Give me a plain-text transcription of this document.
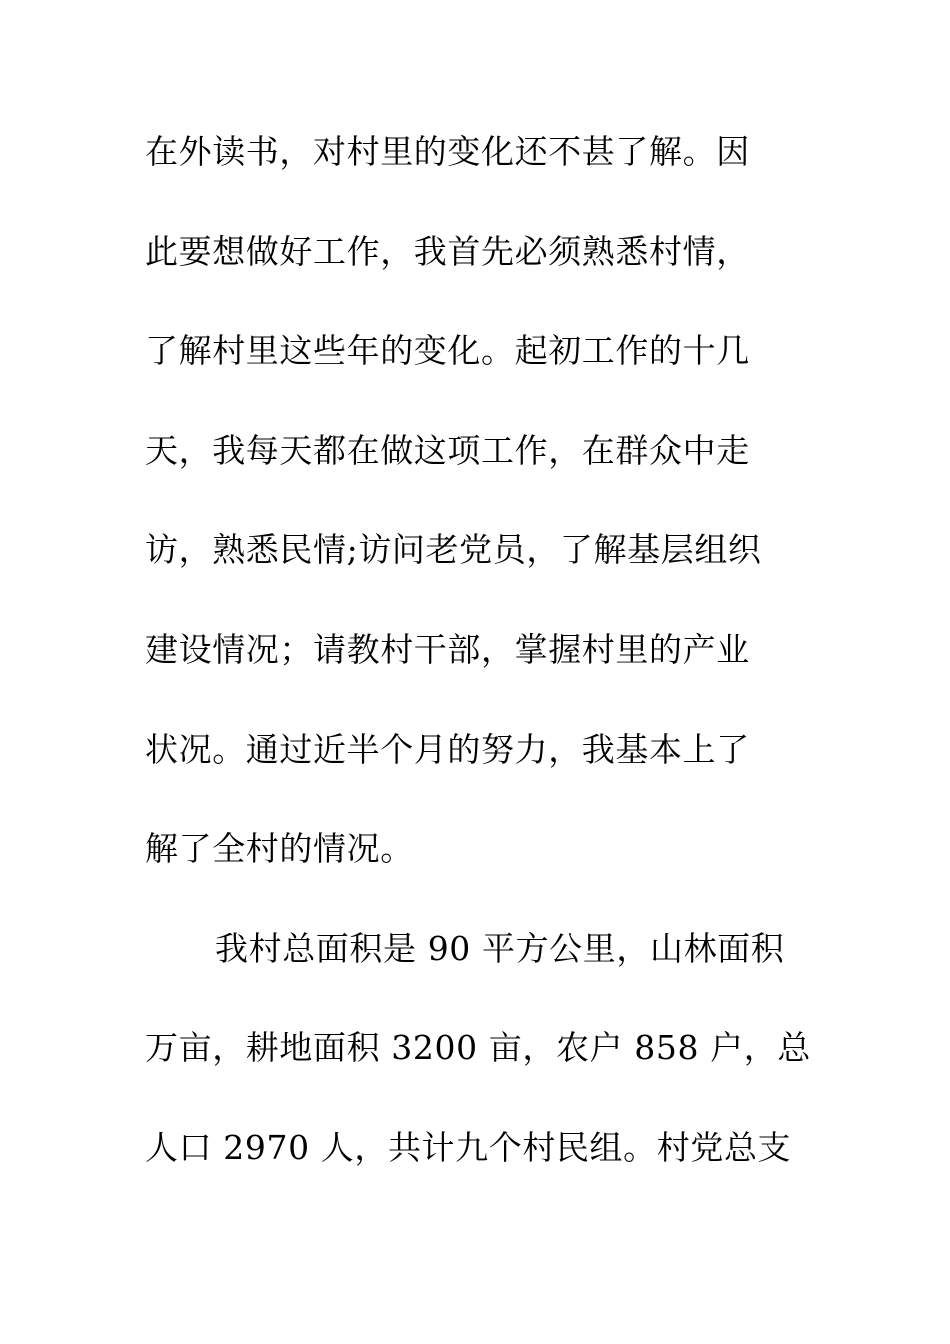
在外读书，对村里的变化还不甚了解。因
此要想做好工作，我首先必须熟悉村情，
了解村里这些年的变化。起初工作的十几
天，我每天都在做这项工作，在群众中走
访，熟悉民情;访问老党员，了解基层组织
建设情况；请教村干部，掌握村里的产业
状况。通过近半个月的努力，我基本上了
解了全村的情况。
我村总面积是 90 平方公里，山林面积
万亩，耕地面积 3200 亩，农户 858 户，总
人口 2970 人，共计九个村民组。村党总支
